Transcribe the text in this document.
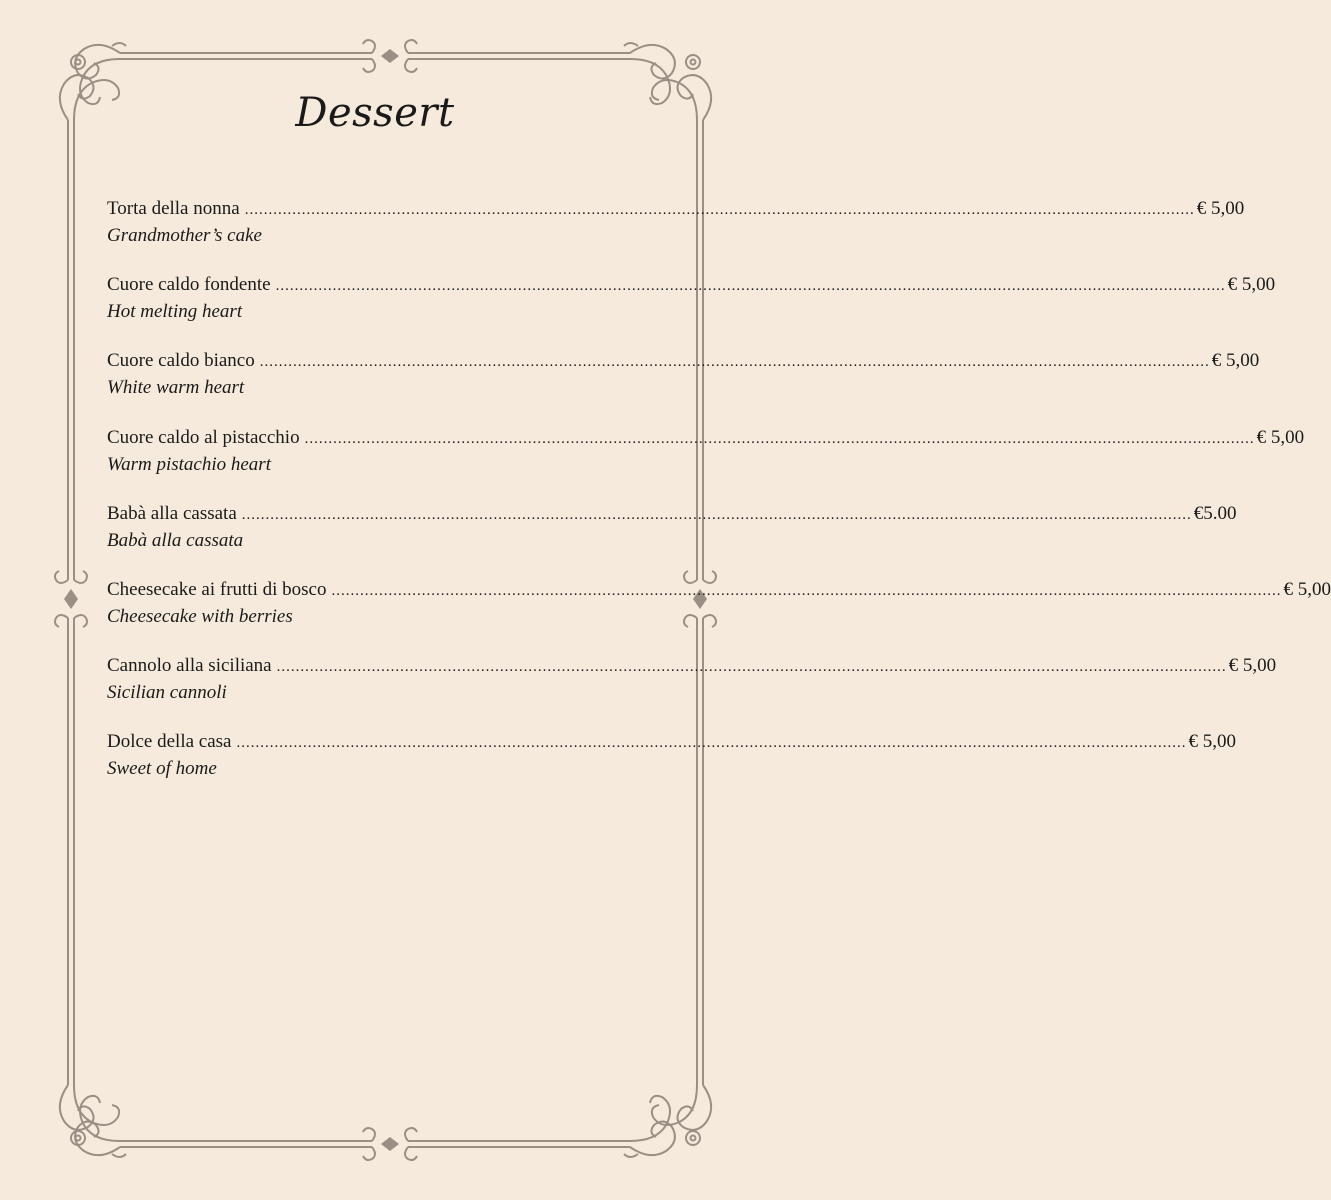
Dessert
Torta della nonna ........................................................................................................................................................................................................ € 5,00
Grandmother’s cake
Cuore caldo fondente ........................................................................................................................................................................................................ € 5,00
Hot melting heart
Cuore caldo bianco ........................................................................................................................................................................................................ € 5,00
White warm heart
Cuore caldo al pistacchio ........................................................................................................................................................................................................ € 5,00
Warm pistachio heart
Babà alla cassata ........................................................................................................................................................................................................ €5.00
Babà alla cassata
Cheesecake ai frutti di bosco ........................................................................................................................................................................................................ € 5,00
Cheesecake with berries
Cannolo alla siciliana ........................................................................................................................................................................................................ € 5,00
Sicilian cannoli
Dolce della casa ........................................................................................................................................................................................................ € 5,00
Sweet of home
